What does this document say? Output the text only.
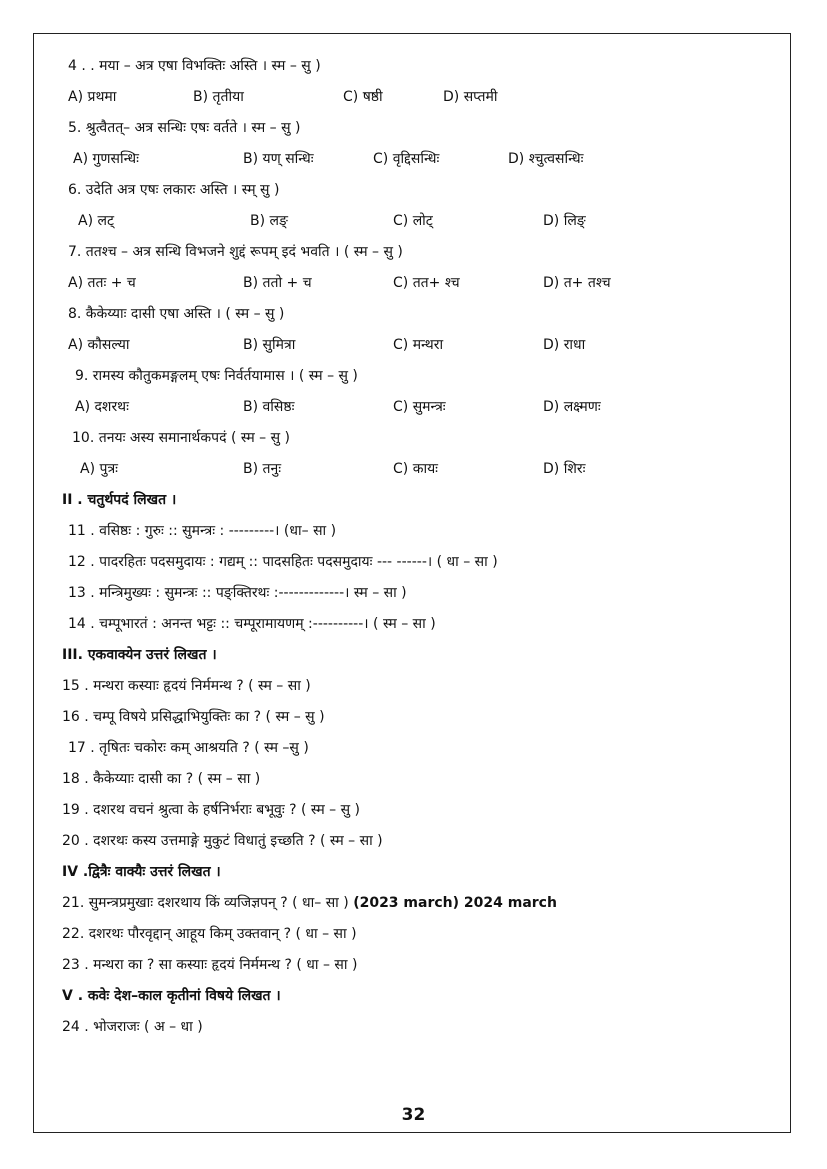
4 . . मया – अत्र एषा विभक्तिः अस्ति । स्म – सु )
A) प्रथमा	B) तृतीया	C) षष्ठी	D) सप्तमी
5. श्रुत्वैतत्– अत्र सन्धिः एषः वर्तते । स्म – सु )
A) गुणसन्धिः	B) यण् सन्धिः	C) वृद्दिसन्धिः	D) श्चुत्वसन्धिः
6. उदेति अत्र एषः लकारः अस्ति । स्म् सु )
A) लट्	B) लङ्	C) लोट्	D) लिङ्
7. ततश्च – अत्र सन्धि विभजने शुद्दं रूपम् इदं भवति । ( स्म – सु )
A) ततः + च	B) ततो + च	C) तत+ श्च	D) त+ तश्च
8. कैकेय्याः दासी एषा अस्ति । ( स्म – सु )
A) कौसल्या	B) सुमित्रा	C) मन्थरा	D) राधा
9. रामस्य कौतुकमङ्गलम् एषः निर्वर्तयामास । ( स्म – सु )
A) दशरथः	B) वसिष्ठः	C) सुमन्त्रः	D) लक्ष्मणः
10. तनयः अस्य समानार्थकपदं ( स्म – सु )
A) पुत्रः	B) तनुः	C) कायः	D) शिरः
II . चतुर्थपदं लिखत ।
11 . वसिष्ठः : गुरुः :: सुमन्त्रः : ---------। (धा– सा )
12 . पादरहितः पदसमुदायः : गद्यम् :: पादसहितः पदसमुदायः --- ------। ( धा – सा )
13 . मन्त्रिमुख्यः : सुमन्त्रः :: पङ्क्तिरथः :-------------। स्म – सा )
14 . चम्पूभारतं : अनन्त भट्टः :: चम्पूरामायणम् :----------। ( स्म – सा )
III. एकवाक्येन उत्तरं लिखत ।
15 . मन्थरा कस्याः हृदयं निर्ममन्थ ? ( स्म – सा )
16 . चम्पू विषये प्रसिद्धाभियुक्तिः का ? ( स्म – सु )
17 . तृषितः चकोरः कम् आश्रयति ? ( स्म –सु )
18 . कैकेय्याः दासी का ? ( स्म – सा )
19 . दशरथ वचनं श्रुत्वा के हर्षनिर्भराः बभूवुः ? ( स्म – सु )
20 . दशरथः कस्य उत्तमाङ्गे मुकुटं विधातुं इच्छति ? ( स्म – सा )
IV .द्वित्रैः वाक्यैः उत्तरं लिखत ।
21. सुमन्त्रप्रमुखाः दशरथाय किं व्यजिज्ञपन् ? ( धा– सा ) (2023 march) 2024 march
22. दशरथः पौरवृद्दान् आहूय किम् उक्तवान् ? ( धा – सा )
23 . मन्थरा का ? सा कस्याः हृदयं निर्ममन्थ ? ( धा – सा )
V . कवेः देश–काल कृतीनां विषये लिखत ।
24 . भोजराजः ( अ – धा )
32
